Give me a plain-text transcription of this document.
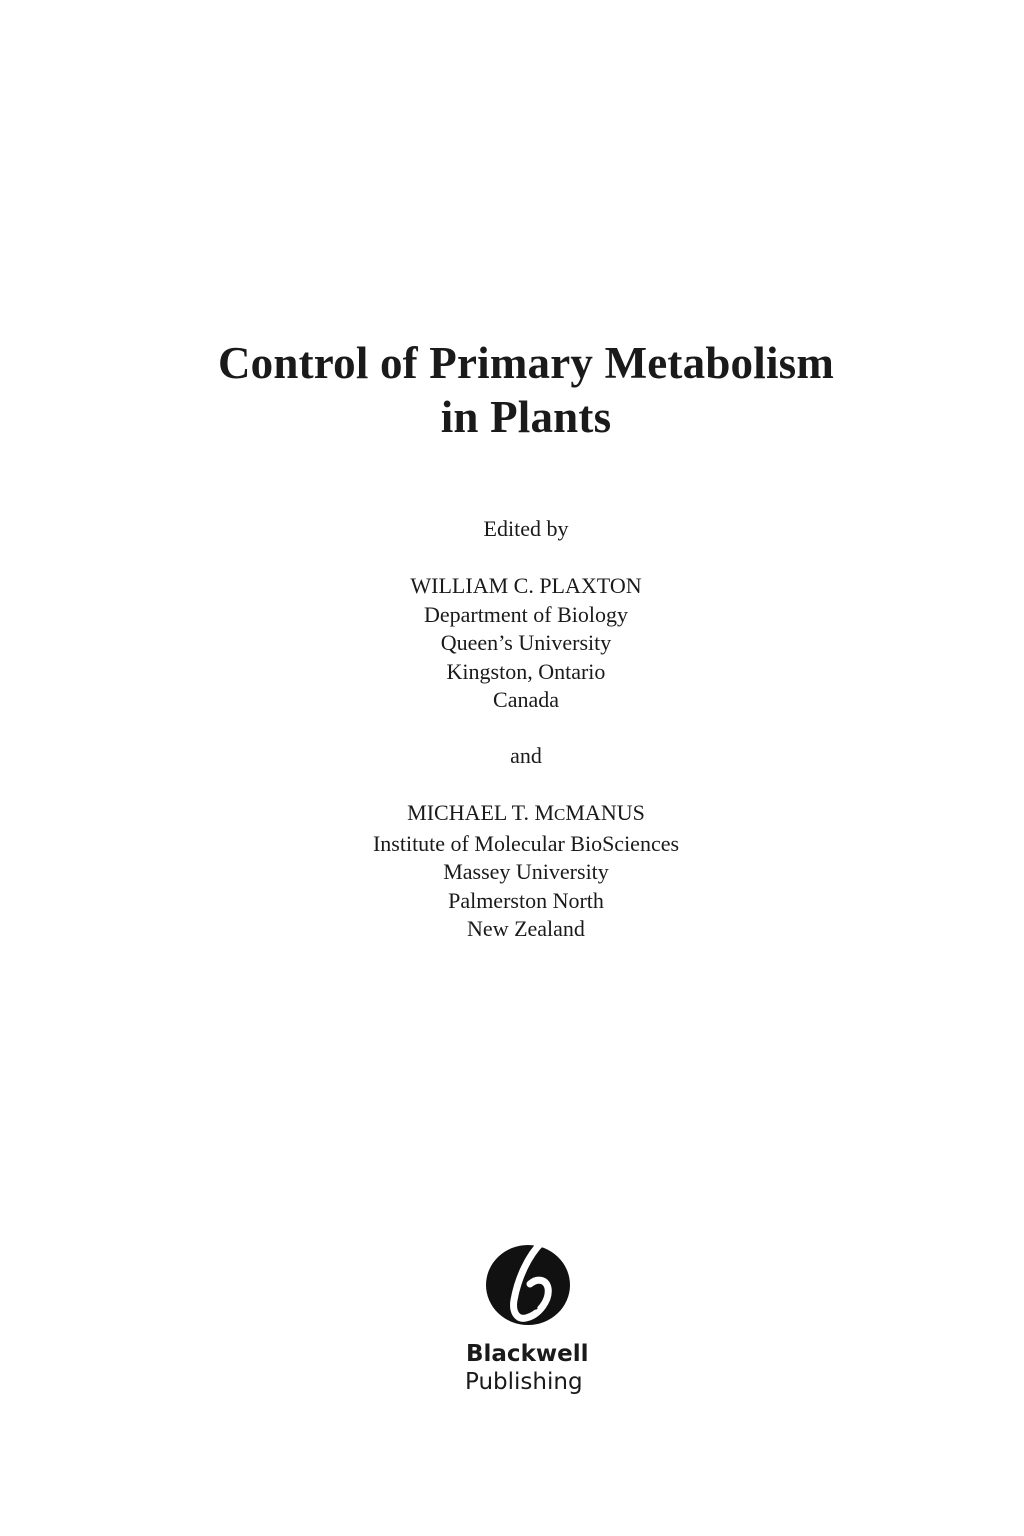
Control of Primary Metabolism
in Plants
Edited by
WILLIAM C. PLAXTON
Department of Biology
Queen’s University
Kingston, Ontario
Canada
and
MICHAEL T. MCMANUS
Institute of Molecular BioSciences
Massey University
Palmerston North
New Zealand
Blackwell
Publishing
